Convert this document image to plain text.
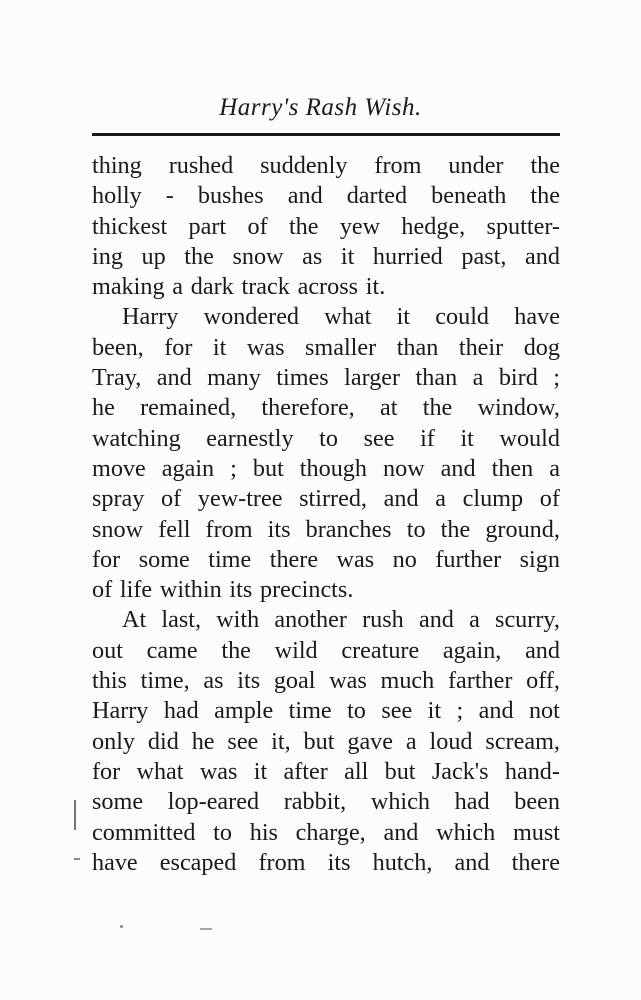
Harry's Rash Wish.
thing rushed suddenly from under the
holly - bushes and darted beneath the
thickest part of the yew hedge, sputter-
ing up the snow as it hurried past, and
making a dark track across it.
Harry wondered what it could have
been, for it was smaller than their dog
Tray, and many times larger than a bird ;
he remained, therefore, at the window,
watching earnestly to see if it would
move again ; but though now and then a
spray of yew-tree stirred, and a clump of
snow fell from its branches to the ground,
for some time there was no further sign
of life within its precincts.
At last, with another rush and a scurry,
out came the wild creature again, and
this time, as its goal was much farther off,
Harry had ample time to see it ; and not
only did he see it, but gave a loud scream,
for what was it after all but Jack's hand-
some lop-eared rabbit, which had been
committed to his charge, and which must
have escaped from its hutch, and there
